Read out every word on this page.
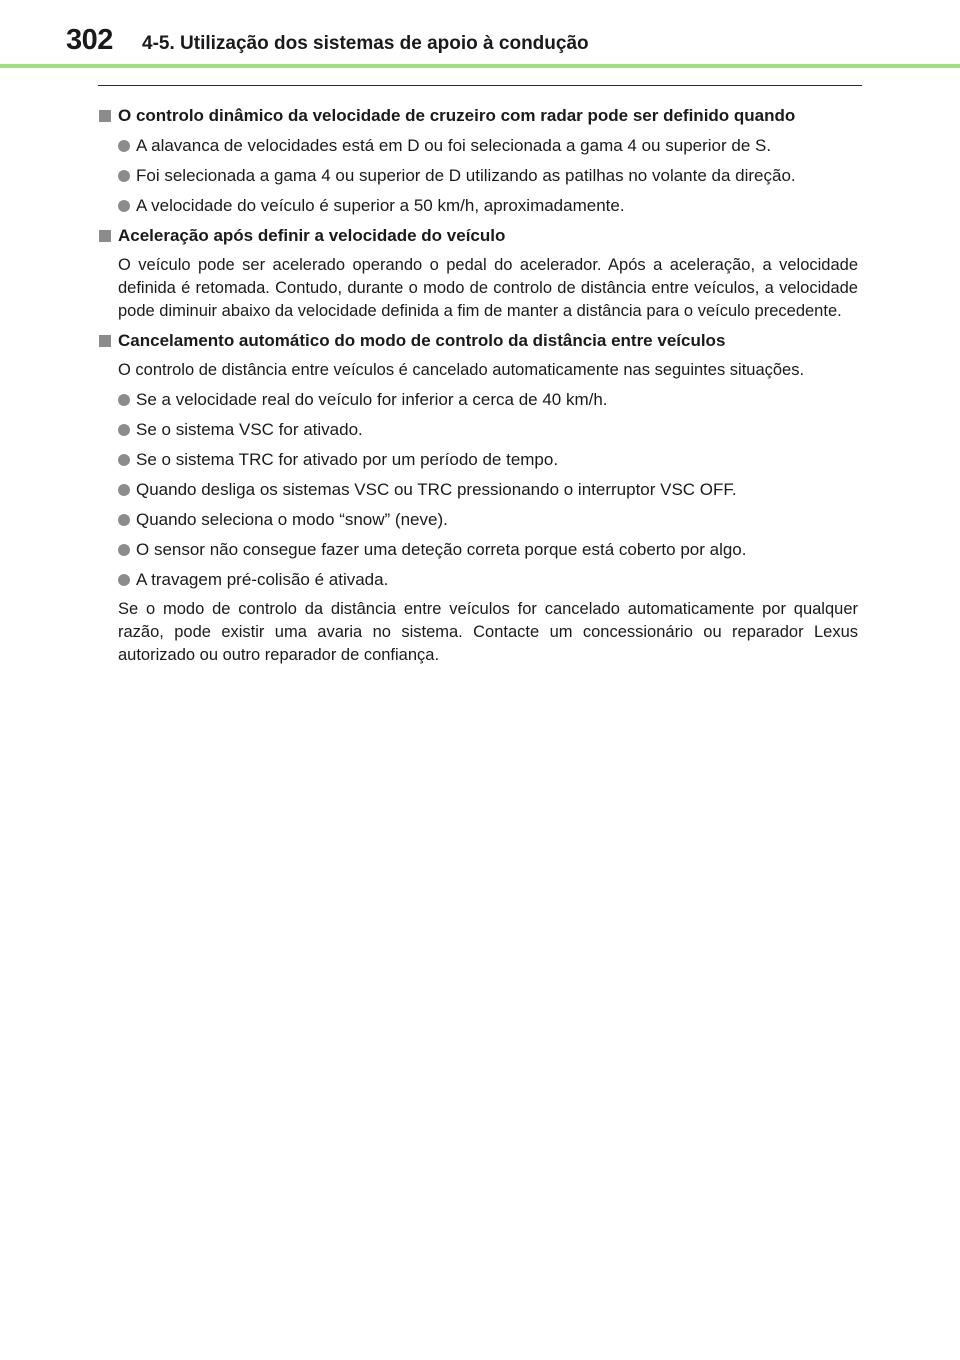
302 4-5. Utilização dos sistemas de apoio à condução
O controlo dinâmico da velocidade de cruzeiro com radar pode ser definido quando
A alavanca de velocidades está em D ou foi selecionada a gama 4 ou superior de S.
Foi selecionada a gama 4 ou superior de D utilizando as patilhas no volante da direção.
A velocidade do veículo é superior a 50 km/h, aproximadamente.
Aceleração após definir a velocidade do veículo
O veículo pode ser acelerado operando o pedal do acelerador. Após a aceleração, a velocidade definida é retomada. Contudo, durante o modo de controlo de distância entre veículos, a velocidade pode diminuir abaixo da velocidade definida a fim de manter a distância para o veículo precedente.
Cancelamento automático do modo de controlo da distância entre veículos
O controlo de distância entre veículos é cancelado automaticamente nas seguintes situações.
Se a velocidade real do veículo for inferior a cerca de 40 km/h.
Se o sistema VSC for ativado.
Se o sistema TRC for ativado por um período de tempo.
Quando desliga os sistemas VSC ou TRC pressionando o interruptor VSC OFF.
Quando seleciona o modo “snow” (neve).
O sensor não consegue fazer uma deteção correta porque está coberto por algo.
A travagem pré-colisão é ativada.
Se o modo de controlo da distância entre veículos for cancelado automaticamente por qualquer razão, pode existir uma avaria no sistema. Contacte um concessionário ou reparador Lexus autorizado ou outro reparador de confiança.
